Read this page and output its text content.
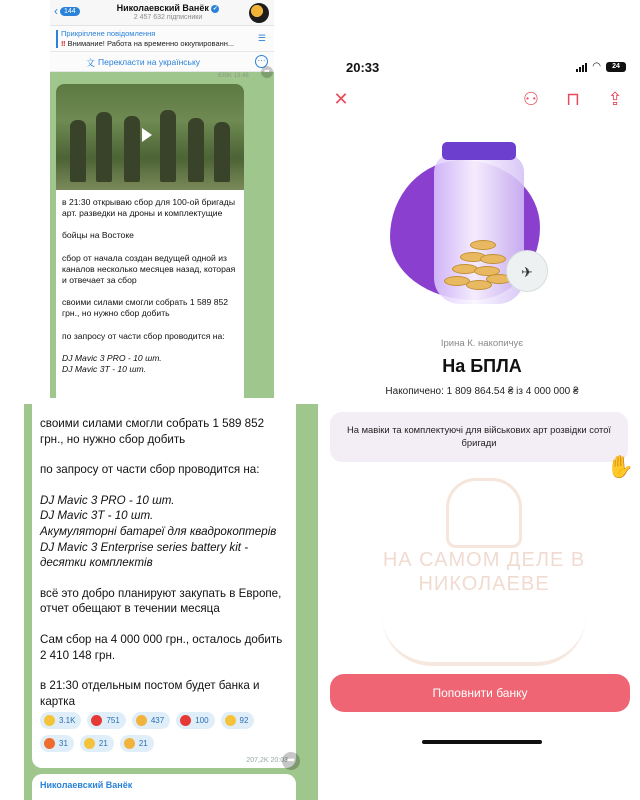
‹ 144	Николаевский Ванёк ✓
2 457 632 підписники
Прикріплене повідомлення
‼ Внимание! Работа на временно оккупированн...
☰
文 Перекласти на українську	⋯
639K 13:48
➦

в 21:30 открываю сбор для 100-ой бригады арт. разведки на дроны и комплектущие

бойцы на Востоке

сбор от начала создан ведущей одной из каналов несколько месяцев назад, которая и отвечает за сбор

своими силами смогли собрать 1 589 852 грн., но нужно сбор добить

по запросу от части сбор проводится на:

DJ Mavic 3 PRO - 10 шт.
DJ Mavic 3T - 10 шт.

своими силами смогли собрать 1 589 852 грн., но нужно сбор добить

по запросу от части сбор проводится на:

DJ Mavic 3 PRO - 10 шт.
DJ Mavic 3T - 10 шт.
Акумуляторні батареї для квадрокоптерів
DJ Mavic 3 Enterprise series battery kit - десятки комплектів

всё это добро планируют закупать в Европе, отчет обещают в течении месяца

Сам сбор на 4 000 000 грн., осталось добить 2 410 148 грн.

в 21:30 отдельным постом будет банка и картка

3.1K	751	437	100	92
31	21	21
207,2K 20:03
➦
Николаевский Ванёк
20:33	◠	24
✕	⚇ ⊓ ⇪
✈
Ірина К. накопичує
На БПЛА
Накопичено: 1 809 864.54 ₴ із 4 000 000 ₴
На мавіки та комплектуючі для військових арт розвідки сотої бригади
✋
НА САМОМ ДЕЛЕ В НИКОЛАЕВЕ
Поповнити банку
